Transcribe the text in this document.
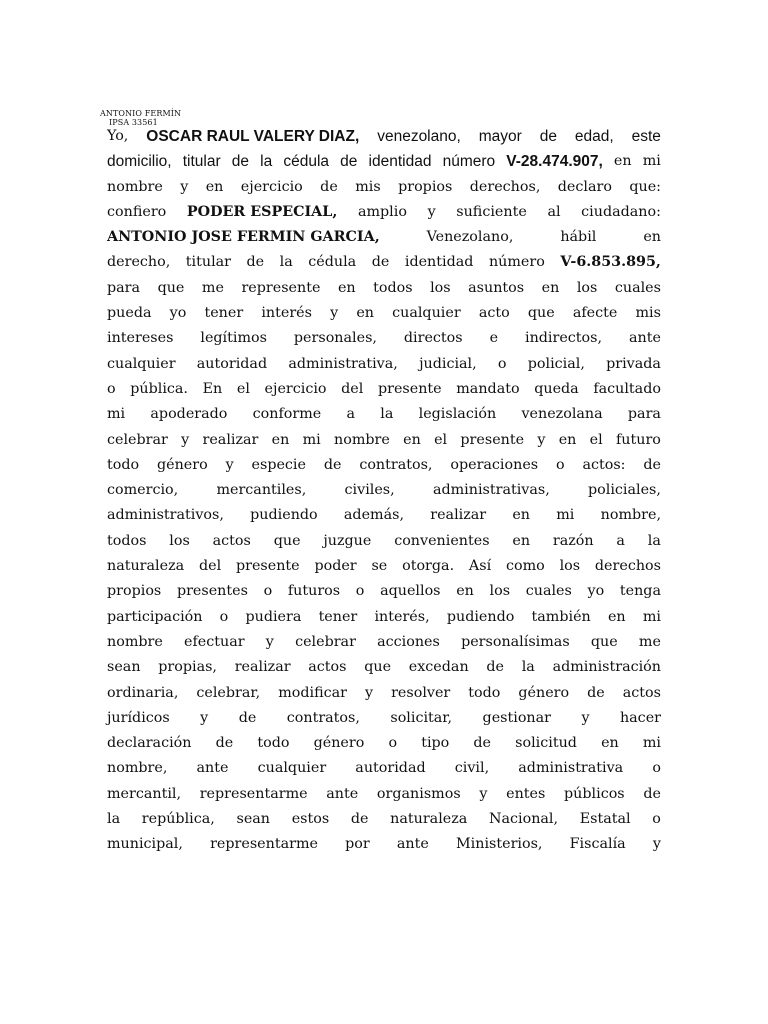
ANTONIO FERMÍN
IPSA 33561
Yo, OSCAR RAUL VALERY DIAZ, venezolano, mayor de edad, este
domicilio, titular de la cédula de identidad número V-28.474.907, en mi
nombre y en ejercicio de mis propios derechos, declaro que:
confiero PODER ESPECIAL, amplio y suficiente al ciudadano:
ANTONIO JOSE FERMIN GARCIA,	Venezolano,	hábil	en
derecho, titular de la cédula de identidad número V-6.853.895,
para que me represente en todos los asuntos en los cuales
pueda yo tener interés y en cualquier acto que afecte mis
intereses legítimos personales, directos e indirectos, ante
cualquier autoridad administrativa, judicial, o policial, privada
o pública. En el ejercicio del presente mandato queda facultado
mi apoderado conforme a la legislación venezolana para
celebrar y realizar en mi nombre en el presente y en el futuro
todo género y especie de contratos, operaciones o actos: de
comercio,	mercantiles,	civiles,	administrativas,	policiales,
administrativos, pudiendo además, realizar en mi nombre,
todos los actos que juzgue convenientes en razón a la
naturaleza del presente poder se otorga. Así como los derechos
propios presentes o futuros o aquellos en los cuales yo tenga
participación o pudiera tener interés, pudiendo también en mi
nombre efectuar y celebrar acciones personalísimas que me
sean propias, realizar actos que excedan de la administración
ordinaria, celebrar, modificar y resolver todo género de actos
jurídicos y de contratos, solicitar, gestionar y hacer
declaración de todo género o tipo de solicitud en mi
nombre, ante cualquier autoridad civil, administrativa o
mercantil, representarme ante organismos y entes públicos de
la república, sean estos de naturaleza Nacional, Estatal o
municipal, representarme por ante Ministerios, Fiscalía y
